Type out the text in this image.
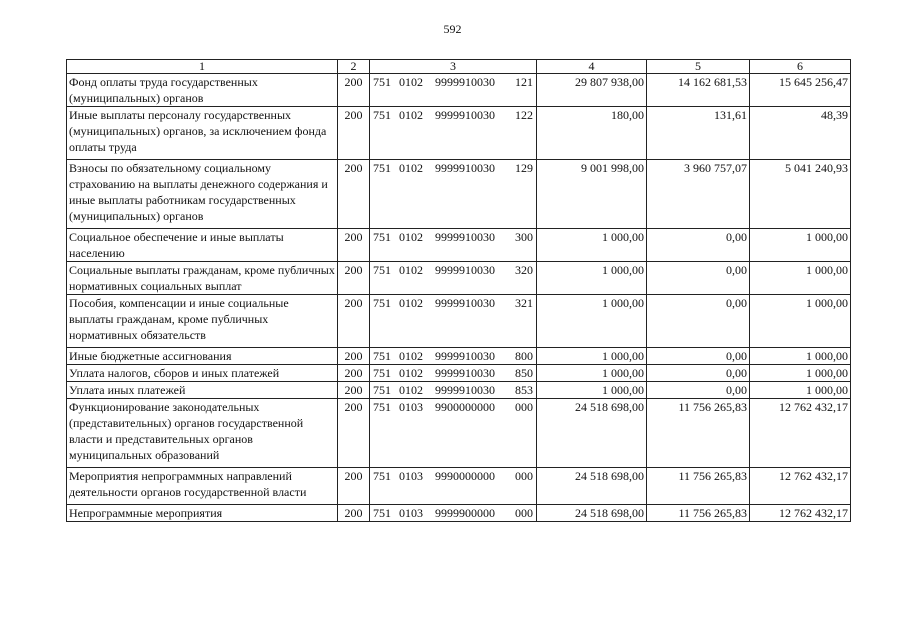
592
1	2	3	4	5	6
Фонд оплаты труда государственных (муниципальных) органов	200	751 0102 9999910030 121	29 807 938,00	14 162 681,53	15 645 256,47
Иные выплаты персоналу государственных (муниципальных) органов, за исключением фонда оплаты труда	200	751 0102 9999910030 122	180,00	131,61	48,39
Взносы по обязательному социальному страхованию на выплаты денежного содержания и иные выплаты работникам государственных (муниципальных) органов	200	751 0102 9999910030 129	9 001 998,00	3 960 757,07	5 041 240,93
Социальное обеспечение и иные выплаты населению	200	751 0102 9999910030 300	1 000,00	0,00	1 000,00
Социальные выплаты гражданам, кроме публичных нормативных социальных выплат	200	751 0102 9999910030 320	1 000,00	0,00	1 000,00
Пособия, компенсации и иные социальные выплаты гражданам, кроме публичных нормативных обязательств	200	751 0102 9999910030 321	1 000,00	0,00	1 000,00
Иные бюджетные ассигнования	200	751 0102 9999910030 800	1 000,00	0,00	1 000,00
Уплата налогов, сборов и иных платежей	200	751 0102 9999910030 850	1 000,00	0,00	1 000,00
Уплата иных платежей	200	751 0102 9999910030 853	1 000,00	0,00	1 000,00
Функционирование законодательных (представительных) органов государственной власти и представительных органов муниципальных образований	200	751 0103 9900000000 000	24 518 698,00	11 756 265,83	12 762 432,17
Мероприятия непрограммных направлений деятельности органов государственной власти	200	751 0103 9990000000 000	24 518 698,00	11 756 265,83	12 762 432,17
Непрограммные мероприятия	200	751 0103 9999900000 000	24 518 698,00	11 756 265,83	12 762 432,17
